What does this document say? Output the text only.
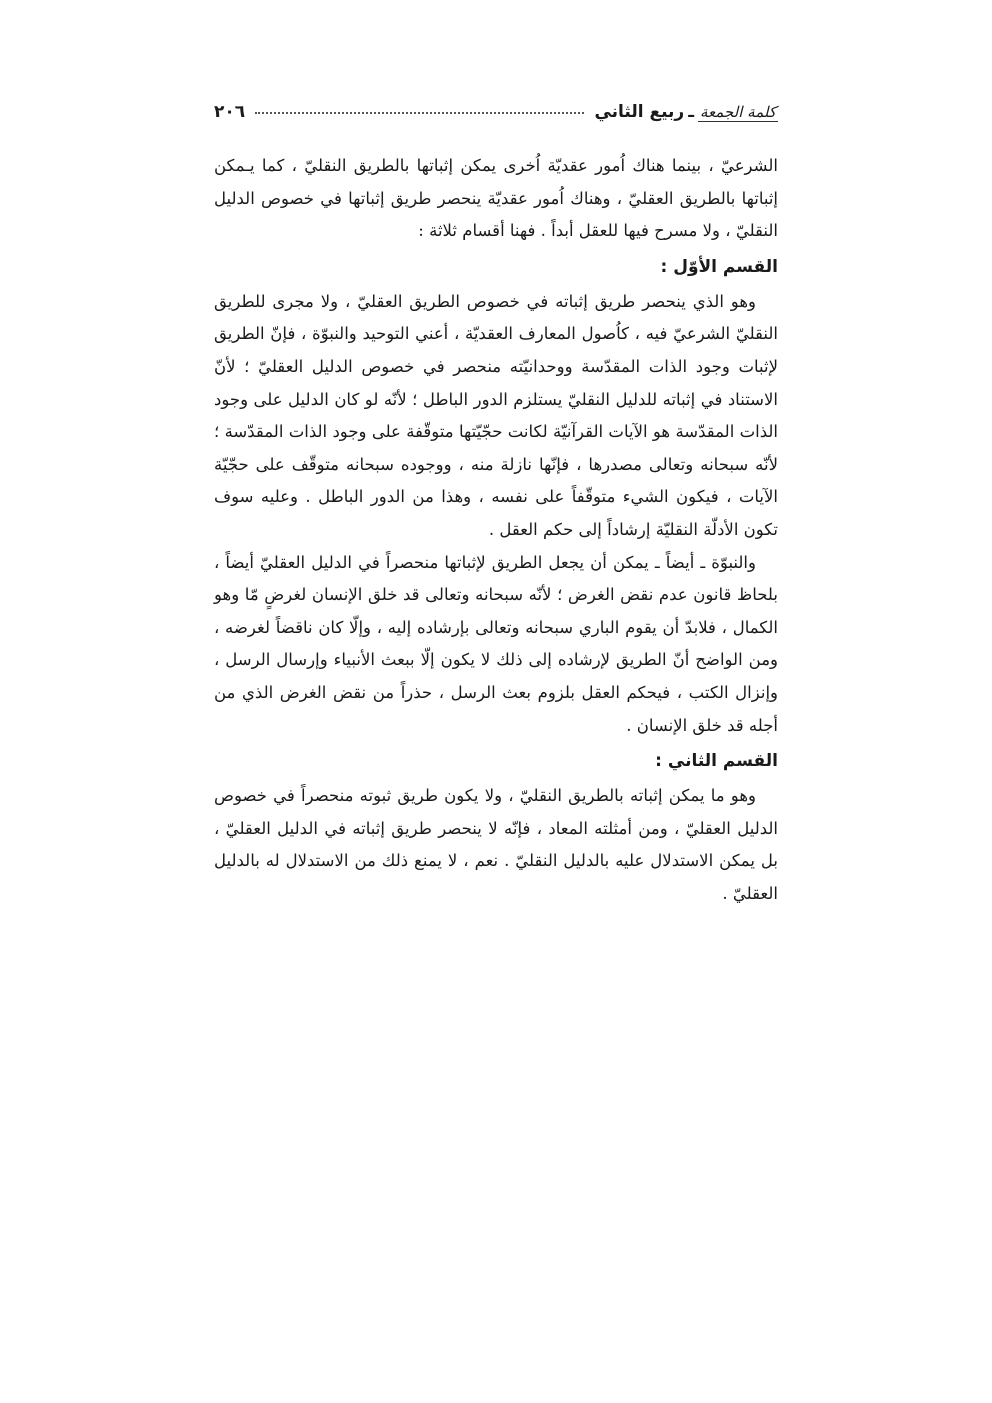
كلمة الجمعة
ـ
ربيع الثاني
٢٠٦

الشرعيّ ، بينما هناك اُمور عقديّة اُخرى يمكن إثباتها بالطريق النقليّ ، كما يـمكن إثباتها بالطريق العقليّ ، وهناك اُمور عقديّة ينحصر طريق إثباتها في خصوص الدليل النقليّ ، ولا مسرح فيها للعقل أبداً . فهنا أقسام ثلاثة :

القسم الأوّل :

وهو الذي ينحصر طريق إثباته في خصوص الطريق العقليّ ، ولا مجرى للطريق النقليّ الشرعيّ فيه ، كاُصول المعارف العقديّة ، أعني التوحيد والنبوّة ، فإنّ الطريق لإثبات وجود الذات المقدّسة ووحدانيّته منحصر في خصوص الدليل العقليّ ؛ لأنّ الاستناد في إثباته للدليل النقليّ يستلزم الدور الباطل ؛ لأنّه لو كان الدليل على وجود الذات المقدّسة هو الآيات القرآنيّة لكانت حجّيّتها متوقّفة على وجود الذات المقدّسة ؛ لأنّه سبحانه وتعالى مصدرها ، فإنّها نازلة منه ، ووجوده سبحانه متوقّف على حجّيّة الآيات ، فيكون الشيء متوقّفاً على نفسه ، وهذا من الدور الباطل . وعليه سوف تكون الأدلّة النقليّة إرشاداً إلى حكم العقل .

والنبوّة ـ أيضاً ـ يمكن أن يجعل الطريق لإثباتها منحصراً في الدليل العقليّ أيضاً ، بلحاظ قانون عدم نقض الغرض ؛ لأنّه سبحانه وتعالى قد خلق الإنسان لغرضٍ مّا وهو الكمال ، فلابدّ أن يقوم الباري سبحانه وتعالى بإرشاده إليه ، وإلّا كان ناقضاً لغرضه ، ومن الواضح أنّ الطريق لإرشاده إلى ذلك لا يكون إلّا ببعث الأنبياء وإرسال الرسل ، وإنزال الكتب ، فيحكم العقل بلزوم بعث الرسل ، حذراً من نقض الغرض الذي من أجله قد خلق الإنسان .

القسم الثاني :

وهو ما يمكن إثباته بالطريق النقليّ ، ولا يكون طريق ثبوته منحصراً في خصوص الدليل العقليّ ، ومن أمثلته المعاد ، فإنّه لا ينحصر طريق إثباته في الدليل العقليّ ، بل يمكن الاستدلال عليه بالدليل النقليّ . نعم ، لا يمنع ذلك من الاستدلال له بالدليل العقليّ .
